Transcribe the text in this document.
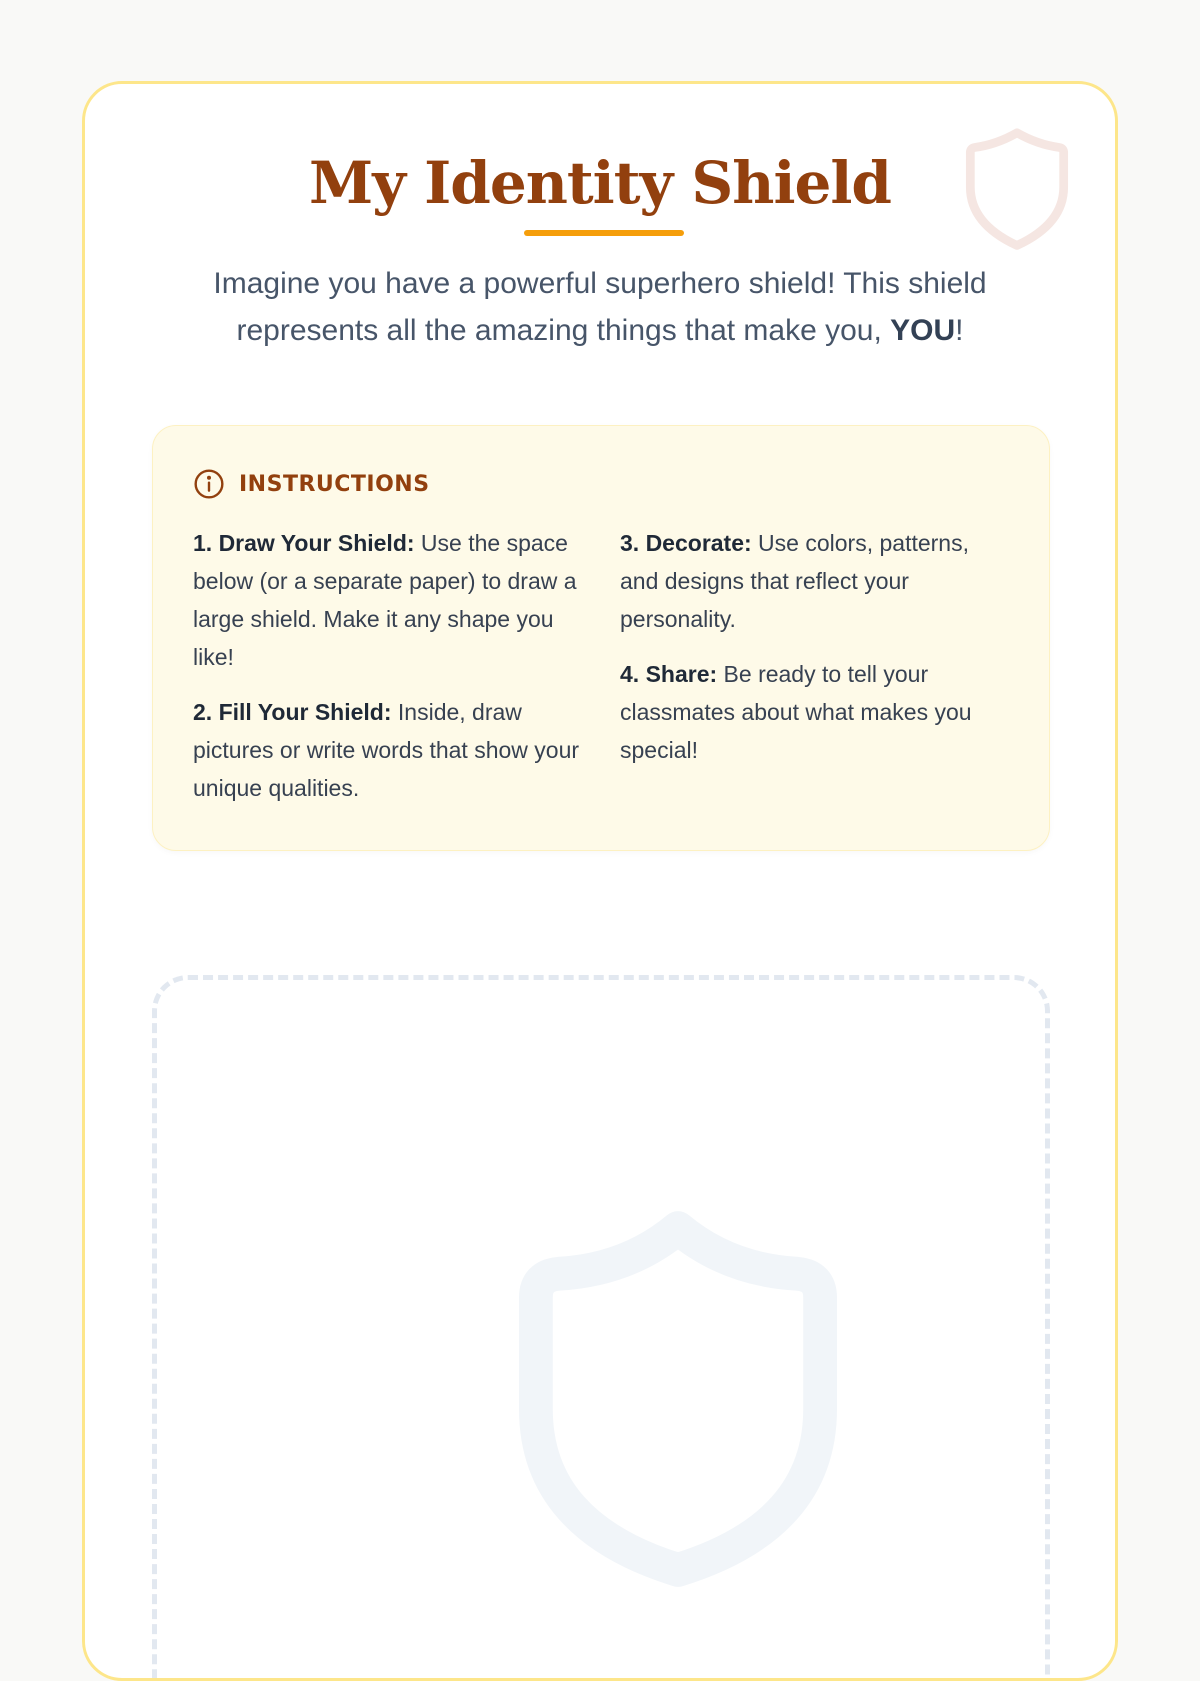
My Identity Shield

Imagine you have a powerful superhero shield! This shield represents all the amazing things that make you, YOU!

INSTRUCTIONS

1. Draw Your Shield: Use the space below (or a separate paper) to draw a large shield. Make it any shape you like!

2. Fill Your Shield: Inside, draw pictures or write words that show your unique qualities.

3. Decorate: Use colors, patterns, and designs that reflect your personality.

4. Share: Be ready to tell your classmates about what makes you special!
